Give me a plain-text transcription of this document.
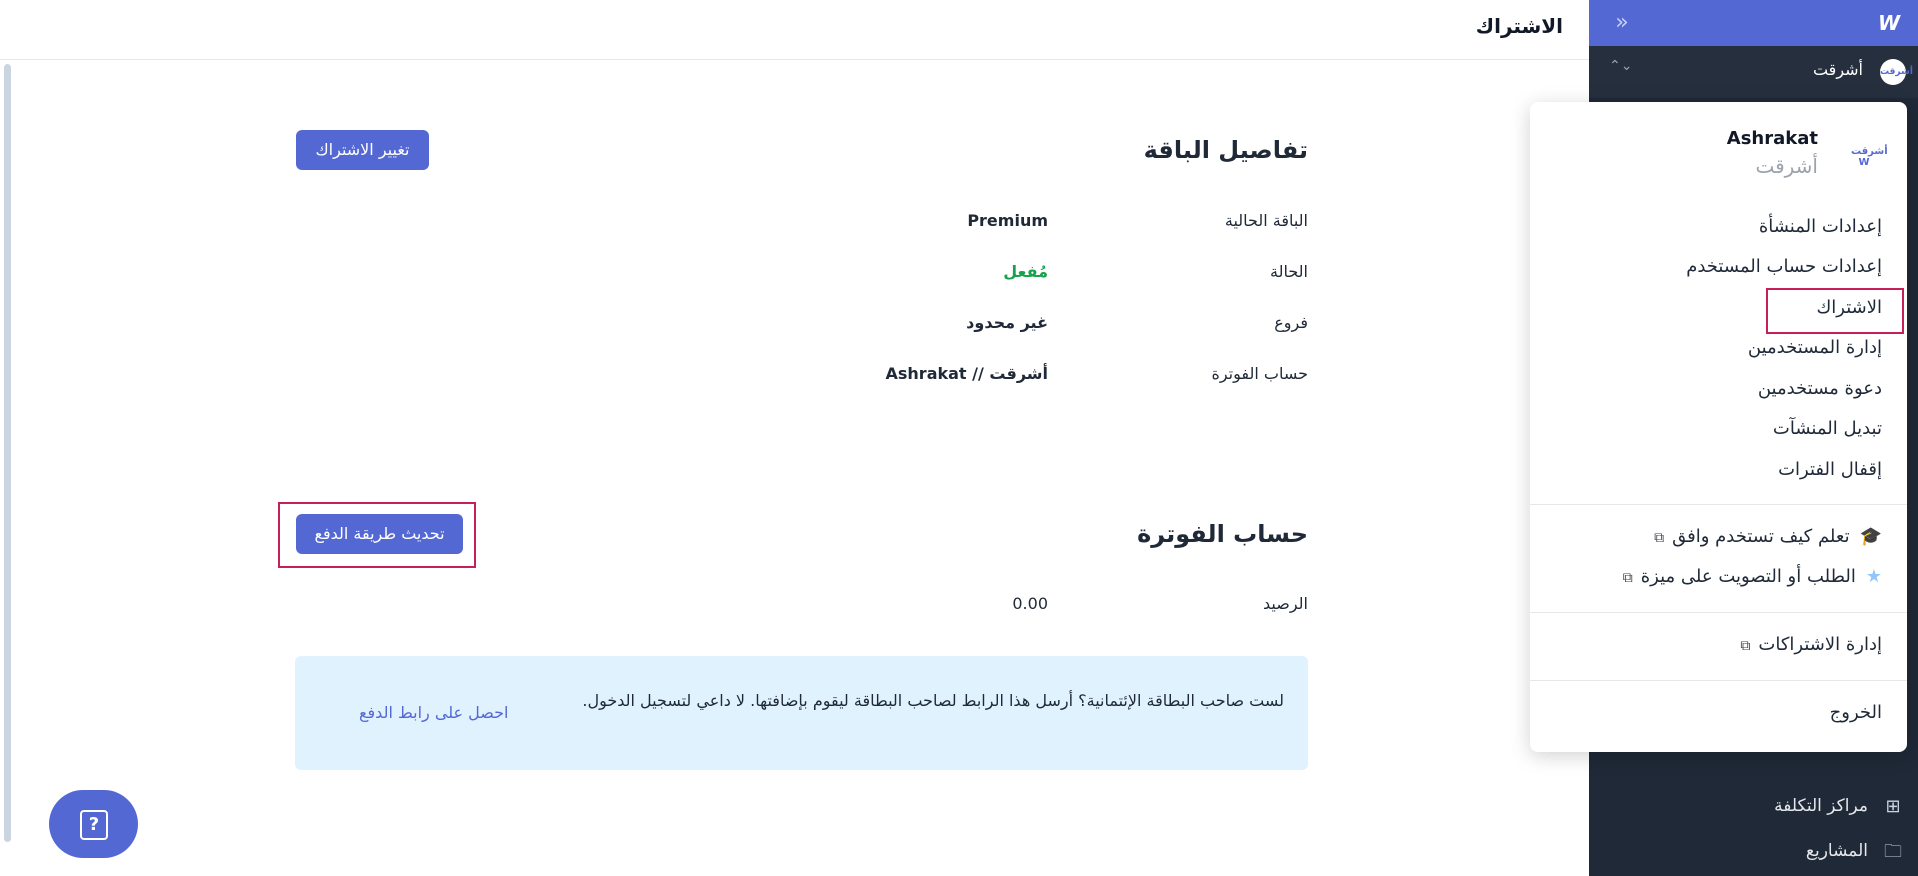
الاشتراك »	W
⌃⌄	أشرقت أشرقت
⊞
مراكز التكلفة
🗀
المشاريع
تفاصيل الباقة
تغيير الاشتراك
الباقة الحالية
Premium
الحالة
مُفعل
فروع
غير محدود
حساب الفوترة
أشرقت // Ashrakat
حساب الفوترة
تحديث طريقة الدفع
الرصيد
0.00
لست صاحب البطاقة الإئتمانية؟ أرسل هذا الرابط لصاحب البطاقة ليقوم بإضافتها. لا داعي لتسجيل الدخول.
احصل على رابط الدفع
?
Ashrakat
أشرقت
أشرقت W
إعدادات المنشأة
إعدادات حساب المستخدم
الاشتراك
إدارة المستخدمين
دعوة مستخدمين
تبديل المنشآت
إقفال الفترات
🎓تعلم كيف تستخدم وافق⧉
★الطلب أو التصويت على ميزة⧉
إدارة الاشتراكات⧉
الخروج
